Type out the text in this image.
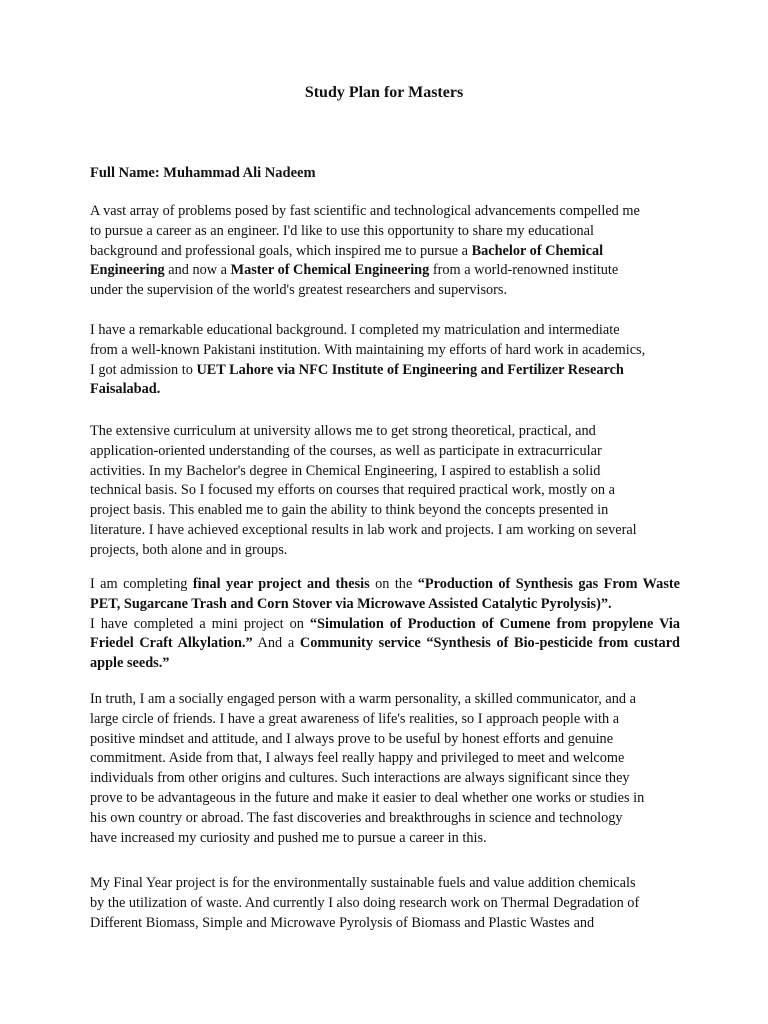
Study Plan for Masters
Full Name: Muhammad Ali Nadeem
A vast array of problems posed by fast scientific and technological advancements compelled me
to pursue a career as an engineer. I'd like to use this opportunity to share my educational
background and professional goals, which inspired me to pursue a Bachelor of Chemical
Engineering and now a Master of Chemical Engineering from a world-renowned institute
under the supervision of the world's greatest researchers and supervisors.
I have a remarkable educational background. I completed my matriculation and intermediate
from a well-known Pakistani institution. With maintaining my efforts of hard work in academics,
I got admission to UET Lahore via NFC Institute of Engineering and Fertilizer Research
Faisalabad.
The extensive curriculum at university allows me to get strong theoretical, practical, and
application-oriented understanding of the courses, as well as participate in extracurricular
activities. In my Bachelor's degree in Chemical Engineering, I aspired to establish a solid
technical basis. So I focused my efforts on courses that required practical work, mostly on a
project basis. This enabled me to gain the ability to think beyond the concepts presented in
literature. I have achieved exceptional results in lab work and projects. I am working on several
projects, both alone and in groups.
I am completing final year project and thesis on the “Production of Synthesis gas From Waste
PET, Sugarcane Trash and Corn Stover via Microwave Assisted Catalytic Pyrolysis)”.
I have completed a mini project on “Simulation of Production of Cumene from propylene Via
Friedel Craft Alkylation.” And a Community service “Synthesis of Bio-pesticide from custard
apple seeds.”
In truth, I am a socially engaged person with a warm personality, a skilled communicator, and a
large circle of friends. I have a great awareness of life's realities, so I approach people with a
positive mindset and attitude, and I always prove to be useful by honest efforts and genuine
commitment. Aside from that, I always feel really happy and privileged to meet and welcome
individuals from other origins and cultures. Such interactions are always significant since they
prove to be advantageous in the future and make it easier to deal whether one works or studies in
his own country or abroad. The fast discoveries and breakthroughs in science and technology
have increased my curiosity and pushed me to pursue a career in this.
My Final Year project is for the environmentally sustainable fuels and value addition chemicals
by the utilization of waste. And currently I also doing research work on Thermal Degradation of
Different Biomass, Simple and Microwave Pyrolysis of Biomass and Plastic Wastes and
